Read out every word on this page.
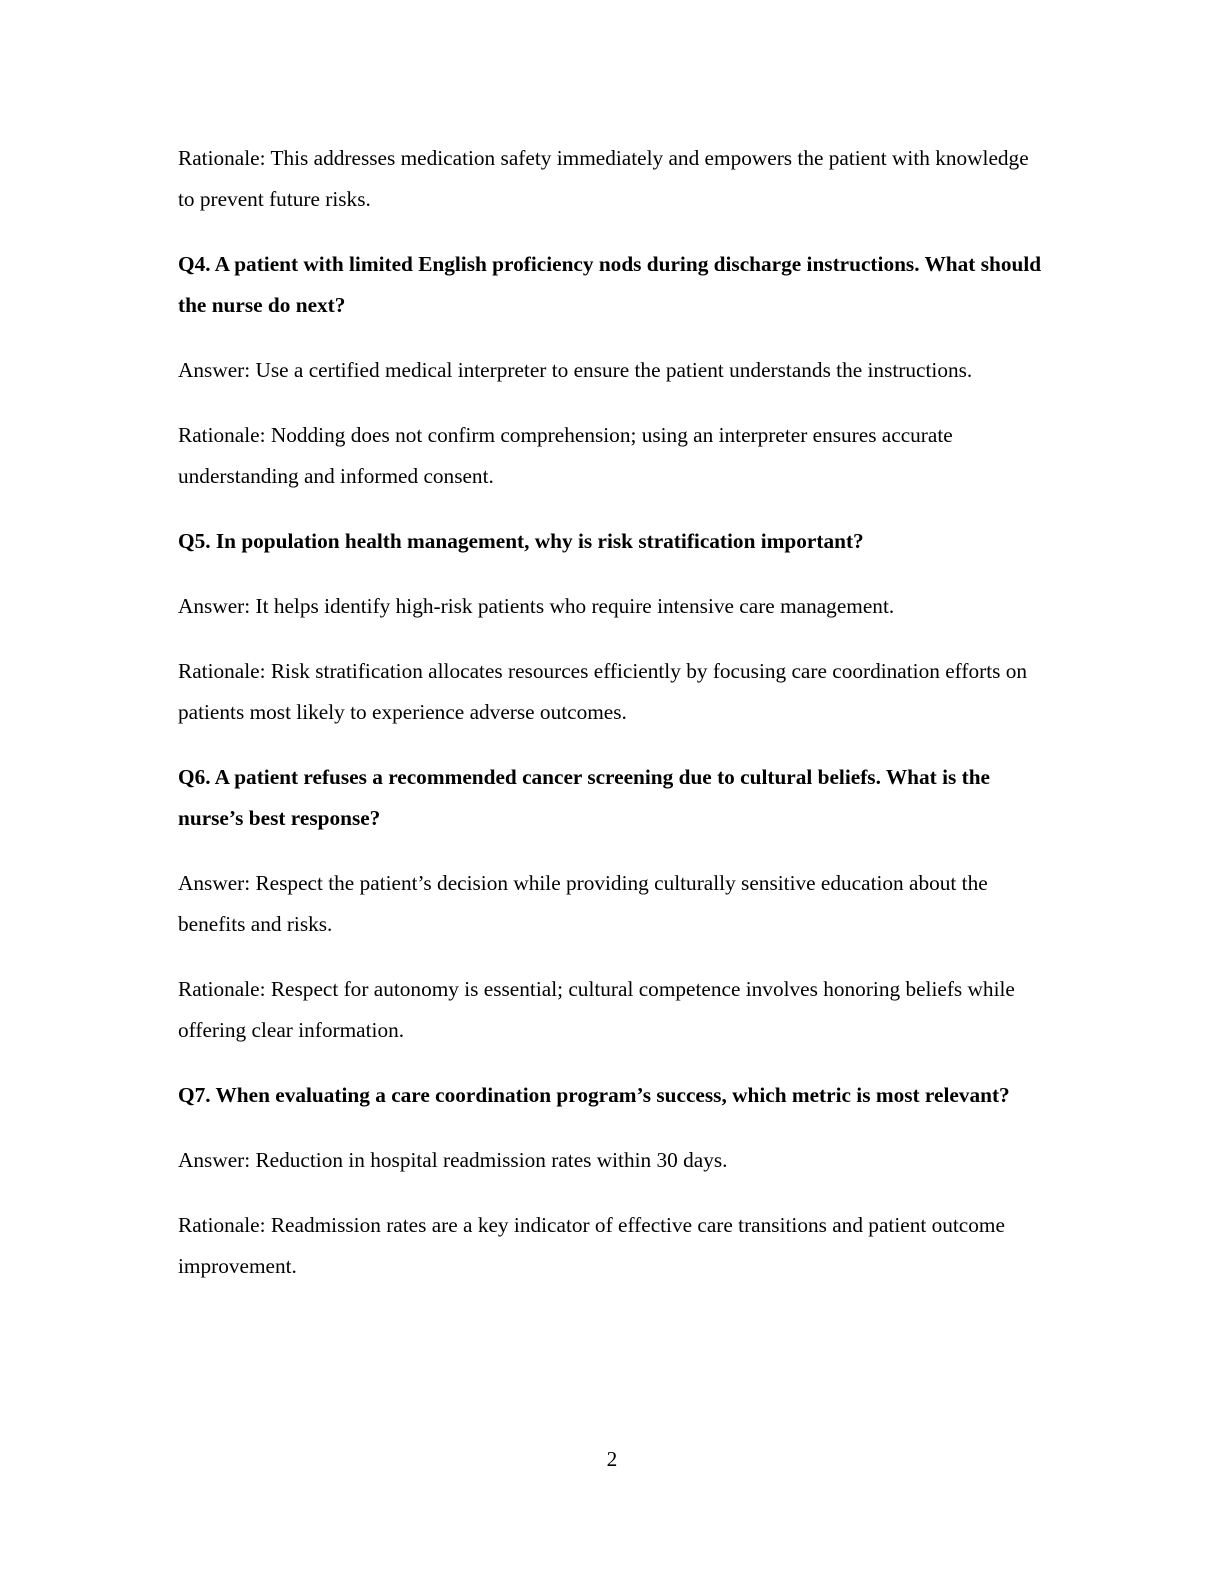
Rationale: This addresses medication safety immediately and empowers the patient with knowledge to prevent future risks.

Q4. A patient with limited English proficiency nods during discharge instructions. What should the nurse do next?

Answer: Use a certified medical interpreter to ensure the patient understands the instructions.

Rationale: Nodding does not confirm comprehension; using an interpreter ensures accurate understanding and informed consent.

Q5. In population health management, why is risk stratification important?

Answer: It helps identify high-risk patients who require intensive care management.

Rationale: Risk stratification allocates resources efficiently by focusing care coordination efforts on patients most likely to experience adverse outcomes.

Q6. A patient refuses a recommended cancer screening due to cultural beliefs. What is the nurse’s best response?

Answer: Respect the patient’s decision while providing culturally sensitive education about the benefits and risks.

Rationale: Respect for autonomy is essential; cultural competence involves honoring beliefs while offering clear information.

Q7. When evaluating a care coordination program’s success, which metric is most relevant?

Answer: Reduction in hospital readmission rates within 30 days.

Rationale: Readmission rates are a key indicator of effective care transitions and patient outcome improvement.

2
